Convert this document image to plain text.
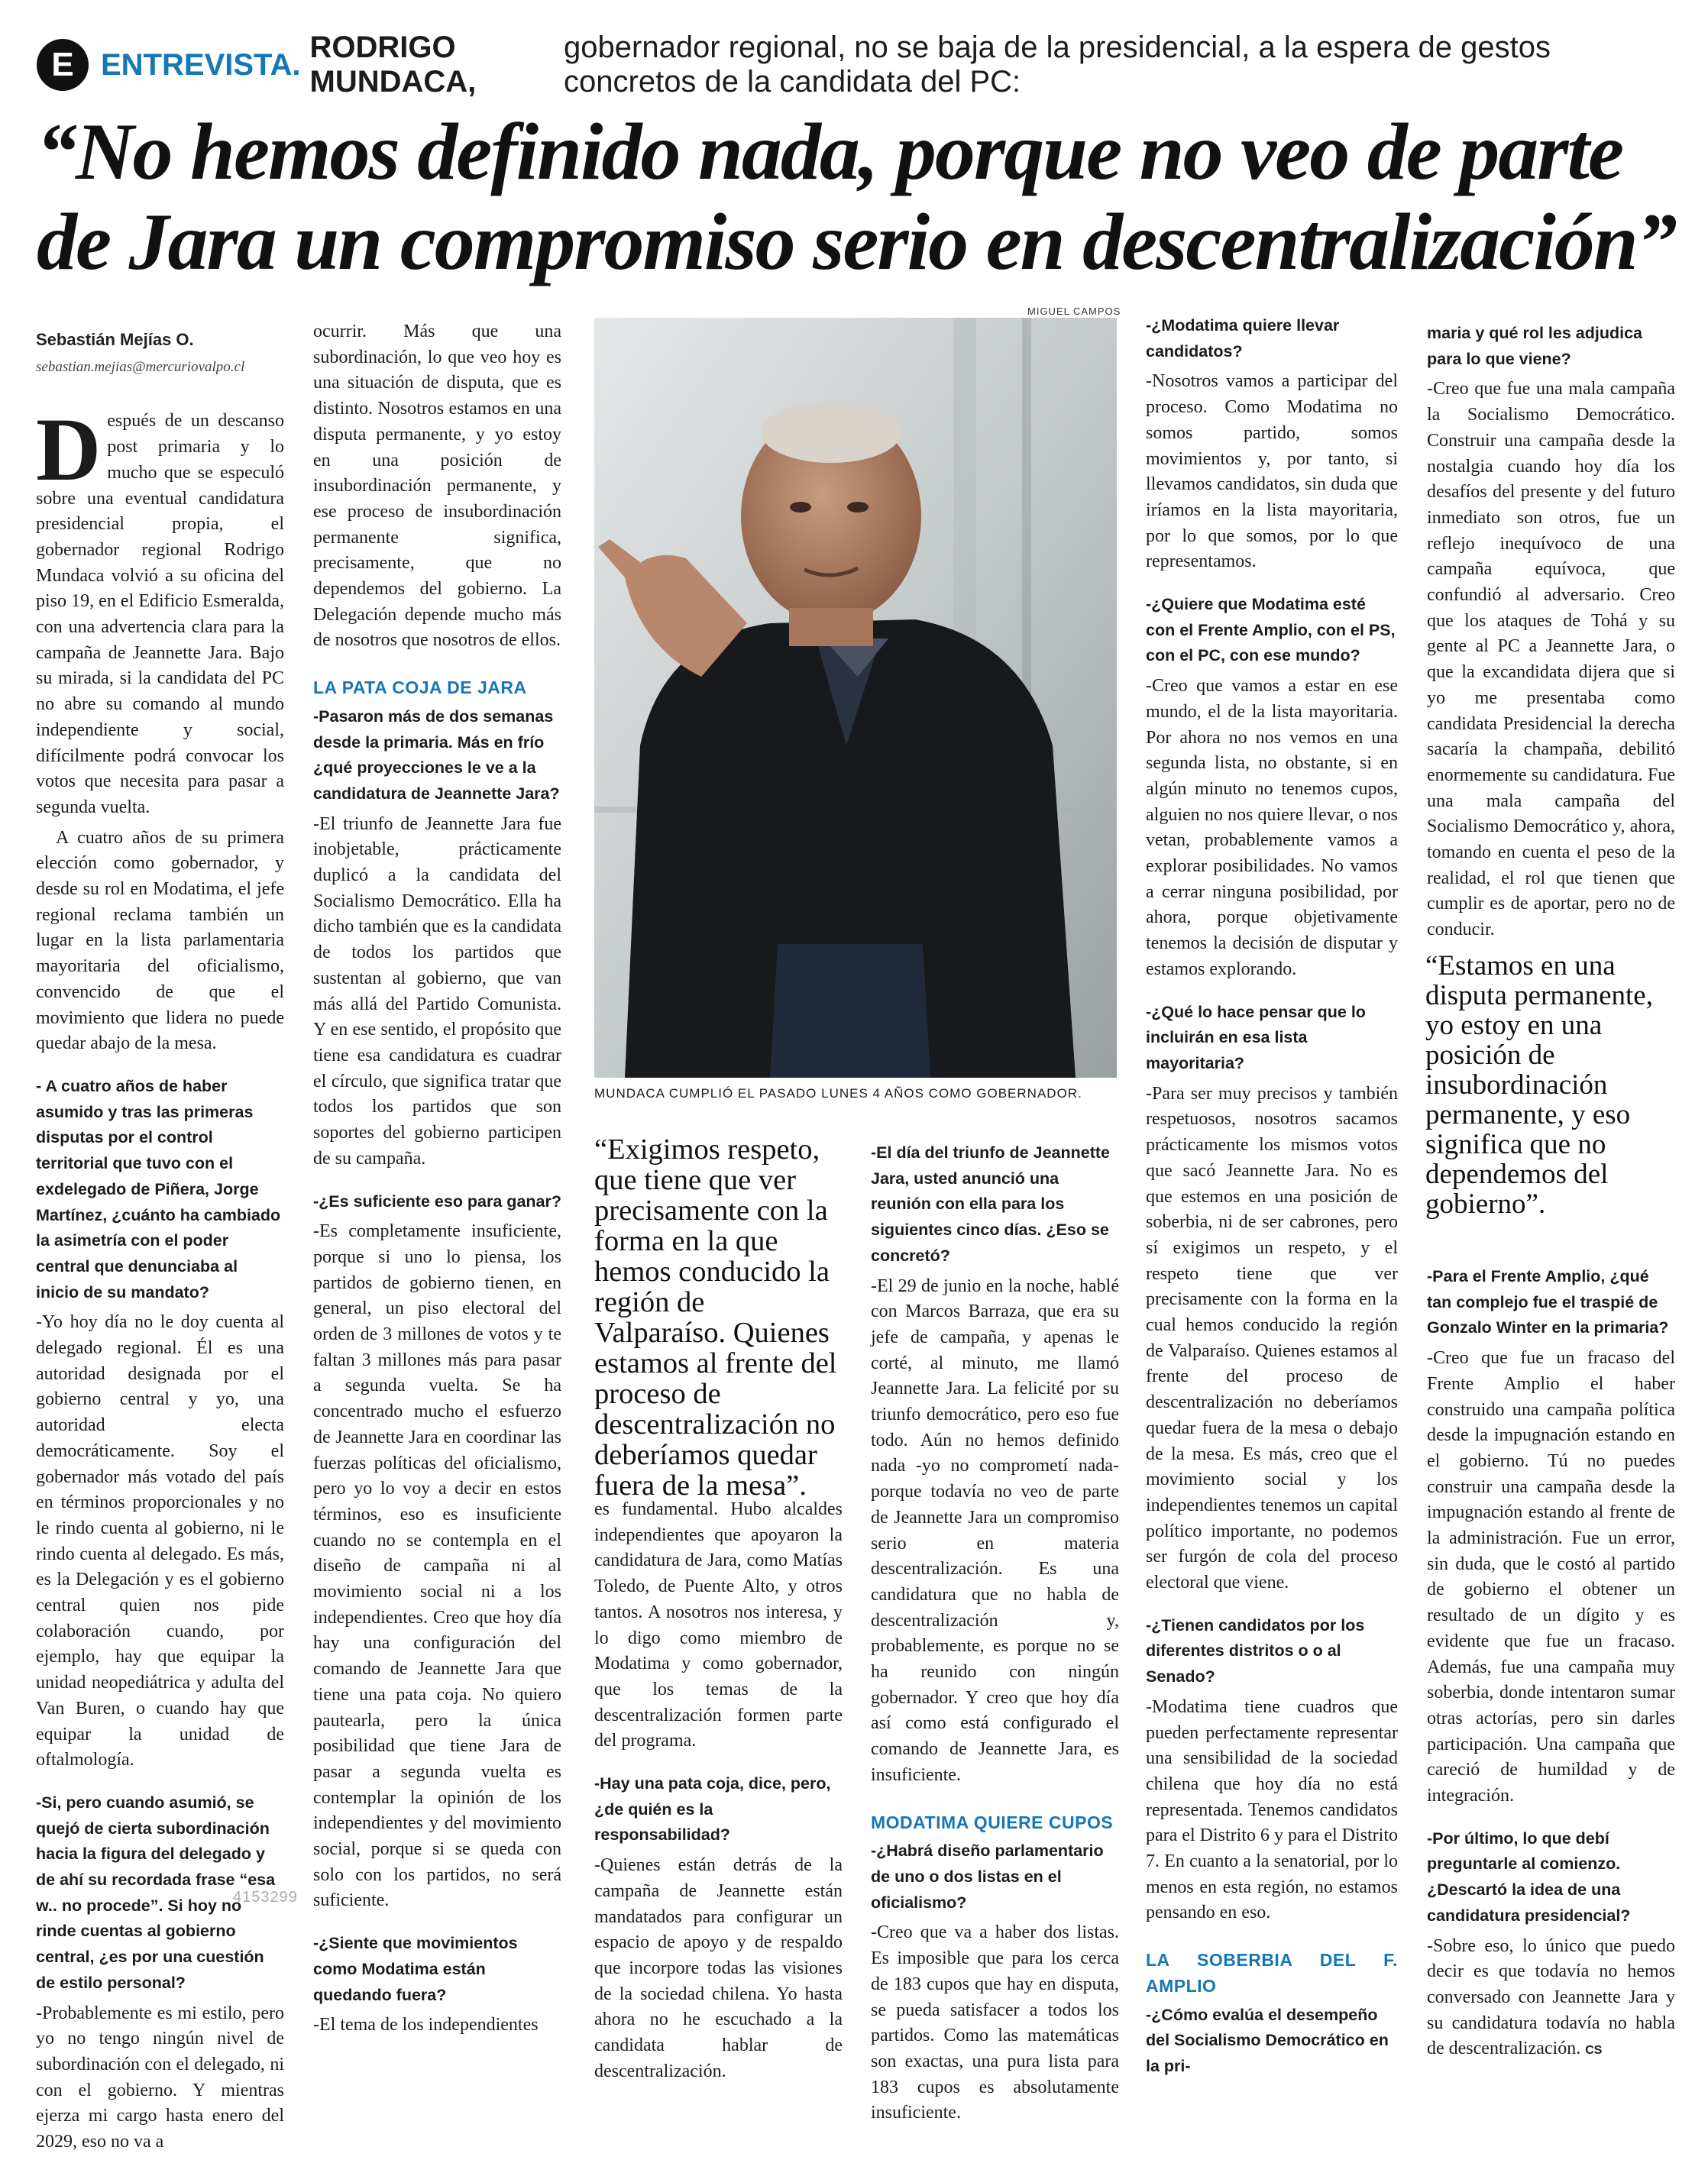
E ENTREVISTA.
RODRIGO MUNDACA,
gobernador regional, no se baja de la presidencial, a la espera de gestos concretos de la candidata del PC:
“No hemos definido nada, porque no veo de parte
de Jara un compromiso serio en descentralización”
MIGUEL CAMPOS
MUNDACA CUMPLIÓ EL PASADO LUNES 4 AÑOS COMO GOBERNADOR.
Sebastián Mejías O.
sebastian.mejias@mercuriovalpo.cl

Después de un descanso post primaria y lo mucho que se especuló sobre una eventual candidatura presidencial propia, el gobernador regional Rodrigo Mundaca volvió a su oficina del piso 19, en el Edificio Esmeralda, con una advertencia clara para la campaña de Jeannette Jara. Bajo su mirada, si la candidata del PC no abre su comando al mundo independiente y social, difícilmente podrá convocar los votos que necesita para pasar a segunda vuelta.

A cuatro años de su primera elección como gobernador, y desde su rol en Modatima, el jefe regional reclama también un lugar en la lista parlamentaria mayoritaria del oficialismo, convencido de que el movimiento que lidera no puede quedar abajo de la mesa.

- A cuatro años de haber asumido y tras las primeras disputas por el control territorial que tuvo con el exdelegado de Piñera, Jorge Martínez, ¿cuánto ha cambiado la asimetría con el poder central que denunciaba al inicio de su mandato?

-Yo hoy día no le doy cuenta al delegado regional. Él es una autoridad designada por el gobierno central y yo, una autoridad electa democráticamente. Soy el gobernador más votado del país en términos proporcionales y no le rindo cuenta al gobierno, ni le rindo cuenta al delegado. Es más, es la Delegación y es el gobierno central quien nos pide colaboración cuando, por ejemplo, hay que equipar la unidad neopediátrica y adulta del Van Buren, o cuando hay que equipar la unidad de oftalmología.

-Si, pero cuando asumió, se quejó de cierta subordinación hacia la figura del delegado y de ahí su recordada frase “esa w.. no procede”. Si hoy no rinde cuentas al gobierno central, ¿es por una cuestión de estilo personal?

-Probablemente es mi estilo, pero yo no tengo ningún nivel de subordinación con el delegado, ni con el gobierno. Y mientras ejerza mi cargo hasta enero del 2029, eso no va a

ocurrir. Más que una subordinación, lo que veo hoy es una situación de disputa, que es distinto. Nosotros estamos en una disputa permanente, y yo estoy en una posición de insubordinación permanente, y ese proceso de insubordinación permanente significa, precisamente, que no dependemos del gobierno. La Delegación depende mucho más de nosotros que nosotros de ellos.

LA PATA COJA DE JARA

-Pasaron más de dos semanas desde la primaria. Más en frío ¿qué proyecciones le ve a la candidatura de Jeannette Jara?

-El triunfo de Jeannette Jara fue inobjetable, prácticamente duplicó a la candidata del Socialismo Democrático. Ella ha dicho también que es la candidata de todos los partidos que sustentan al gobierno, que van más allá del Partido Comunista. Y en ese sentido, el propósito que tiene esa candidatura es cuadrar el círculo, que significa tratar que todos los partidos que son soportes del gobierno participen de su campaña.

-¿Es suficiente eso para ganar?

-Es completamente insuficiente, porque si uno lo piensa, los partidos de gobierno tienen, en general, un piso electoral del orden de 3 millones de votos y te faltan 3 millones más para pasar a segunda vuelta. Se ha concentrado mucho el esfuerzo de Jeannette Jara en coordinar las fuerzas políticas del oficialismo, pero yo lo voy a decir en estos términos, eso es insuficiente cuando no se contempla en el diseño de campaña ni al movimiento social ni a los independientes. Creo que hoy día hay una configuración del comando de Jeannette Jara que tiene una pata coja. No quiero pautearla, pero la única posibilidad que tiene Jara de pasar a segunda vuelta es contemplar la opinión de los independientes y del movimiento social, porque si se queda con solo con los partidos, no será suficiente.

-¿Siente que movimientos como Modatima están quedando fuera?

-El tema de los independientes

“Exigimos respeto, que tiene que ver precisamente con la forma en la que hemos conducido la región de Valparaíso. Quienes estamos al frente del proceso de descentralización no deberíamos quedar fuera de la mesa”.

es fundamental. Hubo alcaldes independientes que apoyaron la candidatura de Jara, como Matías Toledo, de Puente Alto, y otros tantos. A nosotros nos interesa, y lo digo como miembro de Modatima y como gobernador, que los temas de la descentralización formen parte del programa.

-Hay una pata coja, dice, pero, ¿de quién es la responsabilidad?

-Quienes están detrás de la campaña de Jeannette están mandatados para configurar un espacio de apoyo y de respaldo que incorpore todas las visiones de la sociedad chilena. Yo hasta ahora no he escuchado a la candidata hablar de descentralización.

-El día del triunfo de Jeannette Jara, usted anunció una reunión con ella para los siguientes cinco días. ¿Eso se concretó?

-El 29 de junio en la noche, hablé con Marcos Barraza, que era su jefe de campaña, y apenas le corté, al minuto, me llamó Jeannette Jara. La felicité por su triunfo democrático, pero eso fue todo. Aún no hemos definido nada -yo no comprometí nada- porque todavía no veo de parte de Jeannette Jara un compromiso serio en materia descentralización. Es una candidatura que no habla de descentralización y, probablemente, es porque no se ha reunido con ningún gobernador. Y creo que hoy día así como está configurado el comando de Jeannette Jara, es insuficiente.

MODATIMA QUIERE CUPOS

-¿Habrá diseño parlamentario de uno o dos listas en el oficialismo?

-Creo que va a haber dos listas. Es imposible que para los cerca de 183 cupos que hay en disputa, se pueda satisfacer a todos los partidos. Como las matemáticas son exactas, una pura lista para 183 cupos es absolutamente insuficiente.

-¿Modatima quiere llevar candidatos?

-Nosotros vamos a participar del proceso. Como Modatima no somos partido, somos movimientos y, por tanto, si llevamos candidatos, sin duda que iríamos en la lista mayoritaria, por lo que somos, por lo que representamos.

-¿Quiere que Modatima esté con el Frente Amplio, con el PS, con el PC, con ese mundo?

-Creo que vamos a estar en ese mundo, el de la lista mayoritaria. Por ahora no nos vemos en una segunda lista, no obstante, si en algún minuto no tenemos cupos, alguien no nos quiere llevar, o nos vetan, probablemente vamos a explorar posibilidades. No vamos a cerrar ninguna posibilidad, por ahora, porque objetivamente tenemos la decisión de disputar y estamos explorando.

-¿Qué lo hace pensar que lo incluirán en esa lista mayoritaria?

-Para ser muy precisos y también respetuosos, nosotros sacamos prácticamente los mismos votos que sacó Jeannette Jara. No es que estemos en una posición de soberbia, ni de ser cabrones, pero sí exigimos un respeto, y el respeto tiene que ver precisamente con la forma en la cual hemos conducido la región de Valparaíso. Quienes estamos al frente del proceso de descentralización no deberíamos quedar fuera de la mesa o debajo de la mesa. Es más, creo que el movimiento social y los independientes tenemos un capital político importante, no podemos ser furgón de cola del proceso electoral que viene.

-¿Tienen candidatos por los diferentes distritos o o al Senado?

-Modatima tiene cuadros que pueden perfectamente representar una sensibilidad de la sociedad chilena que hoy día no está representada. Tenemos candidatos para el Distrito 6 y para el Distrito 7. En cuanto a la senatorial, por lo menos en esta región, no estamos pensando en eso.

LA SOBERBIA DEL F. AMPLIO

-¿Cómo evalúa el desempeño del Socialismo Democrático en la pri-

maria y qué rol les adjudica para lo que viene?

-Creo que fue una mala campaña la Socialismo Democrático. Construir una campaña desde la nostalgia cuando hoy día los desafíos del presente y del futuro inmediato son otros, fue un reflejo inequívoco de una campaña equívoca, que confundió al adversario. Creo que los ataques de Tohá y su gente al PC a Jeannette Jara, o que la excandidata dijera que si yo me presentaba como candidata Presidencial la derecha sacaría la champaña, debilitó enormemente su candidatura. Fue una mala campaña del Socialismo Democrático y, ahora, tomando en cuenta el peso de la realidad, el rol que tienen que cumplir es de aportar, pero no de conducir.

“Estamos en una disputa permanente, yo estoy en una posición de insubordinación permanente, y eso significa que no dependemos del gobierno”.

-Para el Frente Amplio, ¿qué tan complejo fue el traspié de Gonzalo Winter en la primaria?

-Creo que fue un fracaso del Frente Amplio el haber construido una campaña política desde la impugnación estando en el gobierno. Tú no puedes construir una campaña desde la impugnación estando al frente de la administración. Fue un error, sin duda, que le costó al partido de gobierno el obtener un resultado de un dígito y es evidente que fue un fracaso. Además, fue una campaña muy soberbia, donde intentaron sumar otras actorías, pero sin darles participación. Una campaña que careció de humildad y de integración.

-Por último, lo que debí preguntarle al comienzo. ¿Descartó la idea de una candidatura presidencial?

-Sobre eso, lo único que puedo decir es que todavía no hemos conversado con Jeannette Jara y su candidatura todavía no habla de descentralización. CS

4153299
